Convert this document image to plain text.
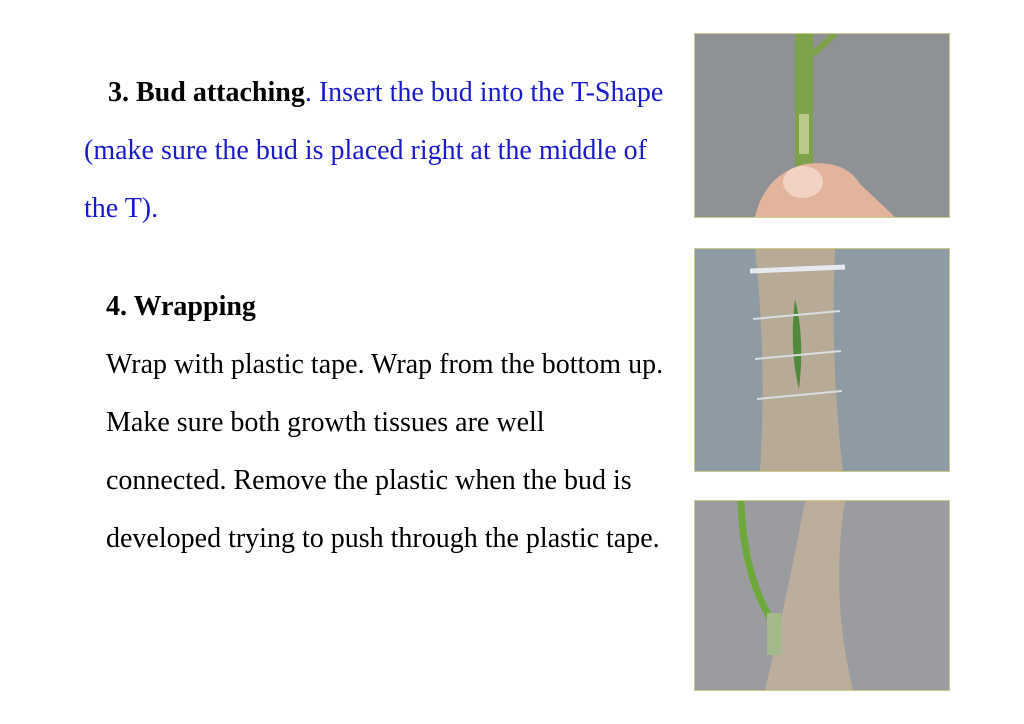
3. Bud attaching. Insert the bud into the T-Shape (make sure the bud is placed right at the middle of the T).
4. Wrapping
Wrap with plastic tape. Wrap from the bottom up. Make sure both growth tissues are well connected. Remove the plastic when the bud is developed trying to push through the plastic tape.
